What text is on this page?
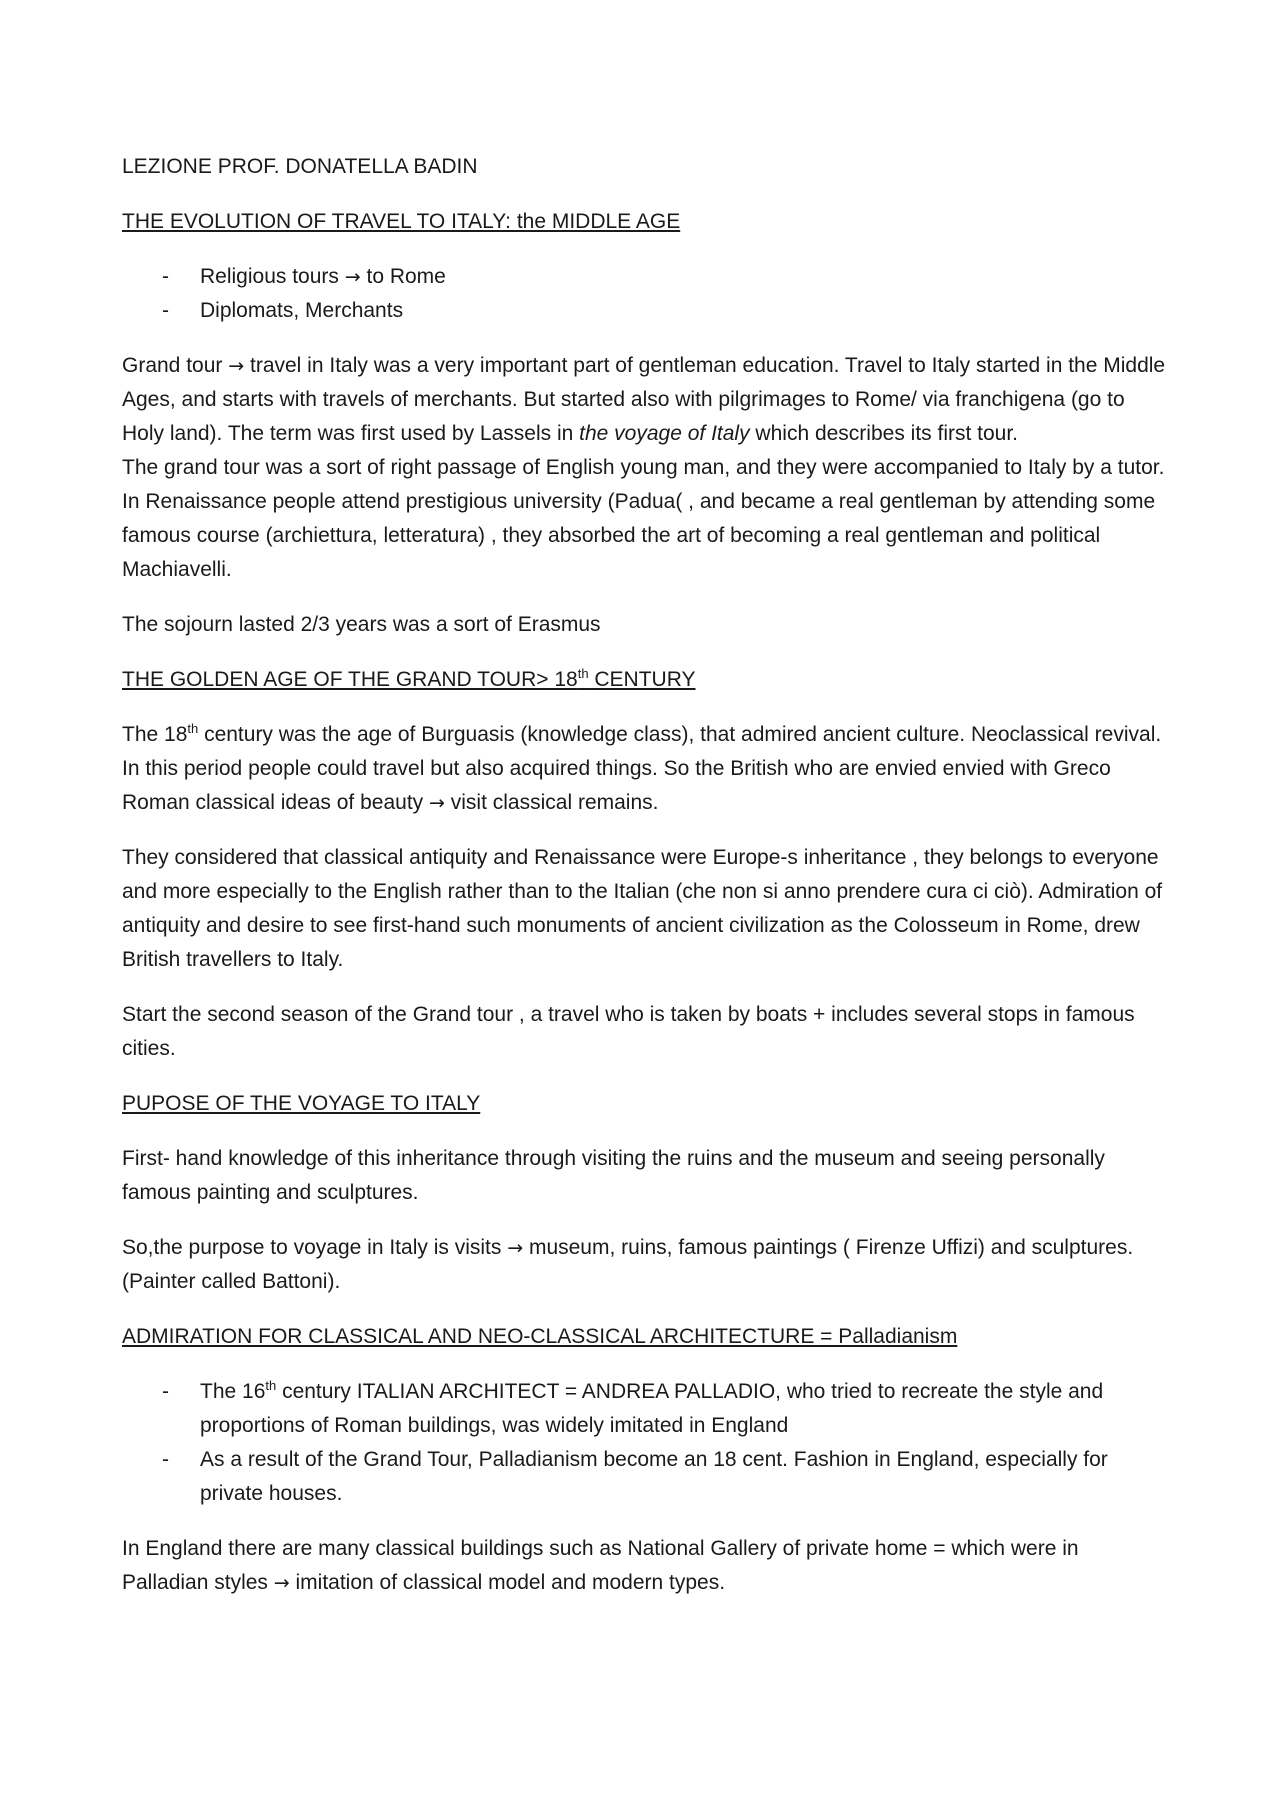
LEZIONE PROF. DONATELLA BADIN
THE EVOLUTION OF TRAVEL TO ITALY: the MIDDLE AGE
- Religious tours → to Rome
- Diplomats, Merchants

Grand tour → travel in Italy was a very important part of gentleman education. Travel to Italy started in the Middle Ages, and starts with travels of merchants. But started also with pilgrimages to Rome/ via franchigena (go to Holy land). The term was first used by Lassels in the voyage of Italy which describes its first tour.

The grand tour was a sort of right passage of English young man, and they were accompanied to Italy by a tutor. In Renaissance people attend prestigious university (Padua( , and became a real gentleman by attending some famous course (archiettura, letteratura) , they absorbed the art of becoming a real gentleman and political Machiavelli.

The sojourn lasted 2/3 years was a sort of Erasmus

THE GOLDEN AGE OF THE GRAND TOUR> 18th CENTURY

The 18th century was the age of Burguasis (knowledge class), that admired ancient culture. Neoclassical revival. In this period people could travel but also acquired things. So the British who are envied envied with Greco Roman classical ideas of beauty → visit classical remains.

They considered that classical antiquity and Renaissance were Europe-s inheritance , they belongs to everyone and more especially to the English rather than to the Italian (che non si anno prendere cura ci ciò). Admiration of antiquity and desire to see first-hand such monuments of ancient civilization as the Colosseum in Rome, drew British travellers to Italy.

Start the second season of the Grand tour , a travel who is taken by boats + includes several stops in famous cities.

PUPOSE OF THE VOYAGE TO ITALY

First- hand knowledge of this inheritance through visiting the ruins and the museum and seeing personally famous painting and sculptures.

So,the purpose to voyage in Italy is visits → museum, ruins, famous paintings ( Firenze Uffizi) and sculptures. (Painter called Battoni).

ADMIRATION FOR CLASSICAL AND NEO-CLASSICAL ARCHITECTURE = Palladianism
- The 16th century ITALIAN ARCHITECT = ANDREA PALLADIO, who tried to recreate the style and proportions of Roman buildings, was widely imitated in England
- As a result of the Grand Tour, Palladianism become an 18 cent. Fashion in England, especially for private houses.

In England there are many classical buildings such as National Gallery of private home = which were in Palladian styles → imitation of classical model and modern types.
